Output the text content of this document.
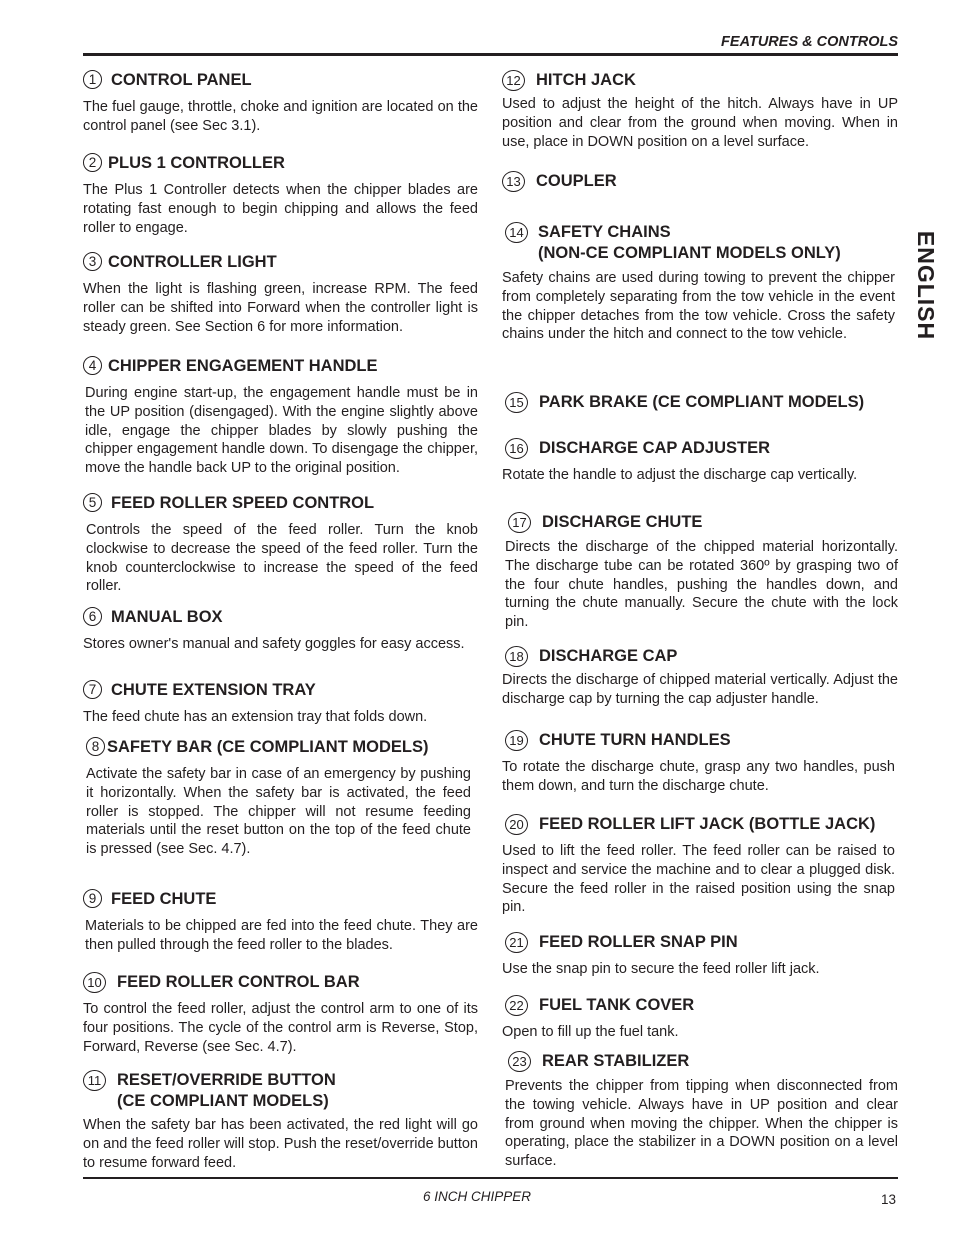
FEATURES & CONTROLS
ENGLISH
1 CONTROL PANEL
The fuel gauge, throttle, choke and ignition are located on the control panel (see Sec 3.1).
2 PLUS 1 CONTROLLER
The Plus 1 Controller detects when the chipper blades are rotating fast enough to begin chipping and allows the feed roller to engage.
3 CONTROLLER LIGHT
When the light is flashing green, increase RPM. The feed roller can be shifted into Forward when the controller light is steady green. See Section 6 for more information.
4 CHIPPER ENGAGEMENT HANDLE
During engine start-up, the engagement handle must be in the UP position (disengaged). With the engine slightly above idle, engage the chipper blades by slowly pushing the chipper engagement handle down. To disengage the chipper, move the handle back UP to the original position.
5 FEED ROLLER SPEED CONTROL
Controls the speed of the feed roller. Turn the knob clockwise to decrease the speed of the feed roller. Turn the knob counterclockwise to increase the speed of the feed roller.
6 MANUAL BOX
Stores owner's manual and safety goggles for easy access.
7 CHUTE EXTENSION TRAY
The feed chute has an extension tray that folds down.
8 SAFETY BAR (CE COMPLIANT MODELS)
Activate the safety bar in case of an emergency by pushing it horizontally. When the safety bar is activated, the feed roller is stopped. The chipper will not resume feeding materials until the reset button on the top of the feed chute is pressed (see Sec. 4.7).
9 FEED CHUTE
Materials to be chipped are fed into the feed chute. They are then pulled through the feed roller to the blades.
10 FEED ROLLER CONTROL BAR
To control the feed roller, adjust the control arm to one of its four positions. The cycle of the control arm is Reverse, Stop, Forward, Reverse (see Sec. 4.7).
11 RESET/OVERRIDE BUTTON
(CE COMPLIANT MODELS)
When the safety bar has been activated, the red light will go on and the feed roller will stop. Push the reset/override button to resume forward feed.
12 HITCH JACK
Used to adjust the height of the hitch. Always have in UP position and clear from the ground when moving. When in use, place in DOWN position on a level surface.
13 COUPLER
14 SAFETY CHAINS
(NON-CE COMPLIANT MODELS ONLY)
Safety chains are used during towing to prevent the chipper from completely separating from the tow vehicle in the event the chipper detaches from the tow vehicle. Cross the safety chains under the hitch and connect to the tow vehicle.
15 PARK BRAKE (CE COMPLIANT MODELS)
16 DISCHARGE CAP ADJUSTER
Rotate the handle to adjust the discharge cap vertically.
17 DISCHARGE CHUTE
Directs the discharge of the chipped material horizontally. The discharge tube can be rotated 360º by grasping two of the four chute handles, pushing the handles down, and turning the chute manually. Secure the chute with the lock pin.
18 DISCHARGE CAP
Directs the discharge of chipped material vertically. Adjust the discharge cap by turning the cap adjuster handle.
19 CHUTE TURN HANDLES
To rotate the discharge chute, grasp any two handles, push them down, and turn the discharge chute.
20 FEED ROLLER LIFT JACK (BOTTLE JACK)
Used to lift the feed roller. The feed roller can be raised to inspect and service the machine and to clear a plugged disk. Secure the feed roller in the raised position using the snap pin.
21 FEED ROLLER SNAP PIN
Use the snap pin to secure the feed roller lift jack.
22 FUEL TANK COVER
Open to fill up the fuel tank.
23 REAR STABILIZER
Prevents the chipper from tipping when disconnected from the towing vehicle. Always have in UP position and clear from ground when moving the chipper. When the chipper is operating, place the stabilizer in a DOWN position on a level surface.
6 INCH CHIPPER	13
